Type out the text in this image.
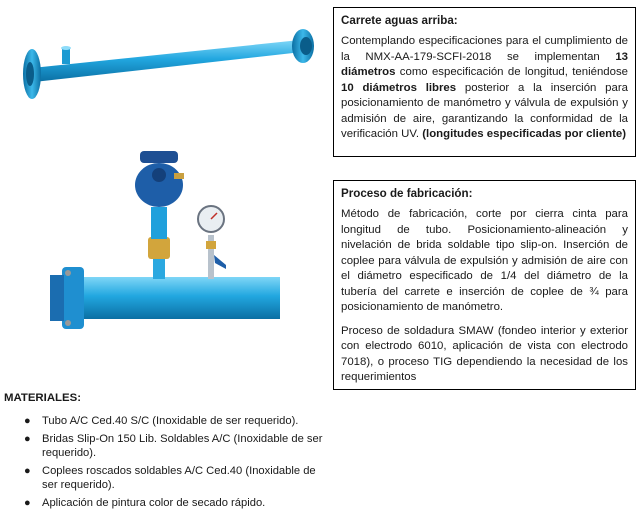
Carrete aguas arriba:

Contemplando especificaciones para el cumplimiento de la NMX-AA-179-SCFI-2018 se implementan 13 diámetros como especificación de longitud, teniéndose 10 diámetros libres posterior a la inserción para posicionamiento de manómetro y válvula de expulsión y admisión de aire, garantizando la conformidad de la verificación UV. (longitudes especificadas por cliente)

Proceso de fabricación:

Método de fabricación, corte por cierra cinta para longitud de tubo. Posicionamiento-alineación y nivelación de brida soldable tipo slip-on. Inserción de coplee para válvula de expulsión y admisión de aire con el diámetro especificado de 1/4 del diámetro de la tubería del carrete e inserción de coplee de ¾ para posicionamiento de manómetro.

Proceso de soldadura SMAW (fondeo interior y exterior con electrodo 6010, aplicación de vista con electrodo 7018), o proceso TIG dependiendo la necesidad de los requerimientos

MATERIALES:
● Tubo A/C Ced.40 S/C (Inoxidable de ser requerido).
● Bridas Slip-On 150 Lib. Soldables A/C (Inoxidable de ser requerido).
● Coplees roscados soldables A/C Ced.40 (Inoxidable de ser requerido).
● Aplicación de pintura color de secado rápido.
